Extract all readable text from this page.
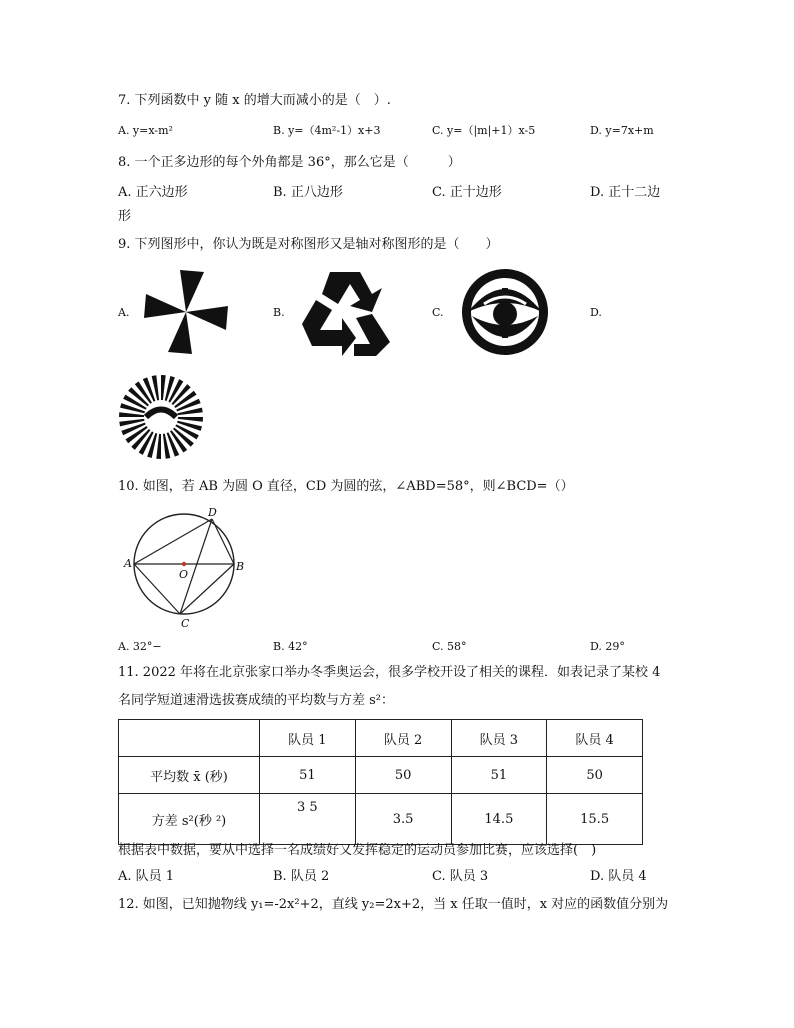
7. 下列函数中 y 随 x 的增大而减小的是（　）.
A. y=x-m²	B. y=（4m²-1）x+3	C. y=（|m|+1）x-5	D. y=7x+m
8. 一个正多边形的每个外角都是 36°，那么它是（　　　）
A. 正六边形	B. 正八边形	C. 正十边形	D. 正十二边
形
9. 下列图形中，你认为既是对称图形又是轴对称图形的是（　　）
A.	B.	C.	D.
10. 如图，若 AB 为圆 O 直径，CD 为圆的弦，∠ABD=58°，则∠BCD=（）
A	B
C
D
O
A. 32°−	B. 42°	C. 58°	D. 29°
11. 2022 年将在北京张家口举办冬季奥运会，很多学校开设了相关的课程．如表记录了某校 4
名同学短道速滑选拔赛成绩的平均数与方差 s²：
	队员 1	队员 2	队员 3	队员 4
平均数 x̄ (秒)	51	50	51	50
方差 s²(秒 ²)	3 5	3.5	14.5	15.5
根据表中数据，要从中选择一名成绩好又发挥稳定的运动员参加比赛，应该选择(　)
A. 队员 1	B. 队员 2	C. 队员 3	D. 队员 4
12. 如图，已知抛物线 y₁=-2x²+2，直线 y₂=2x+2，当 x 任取一值时，x 对应的函数值分别为
